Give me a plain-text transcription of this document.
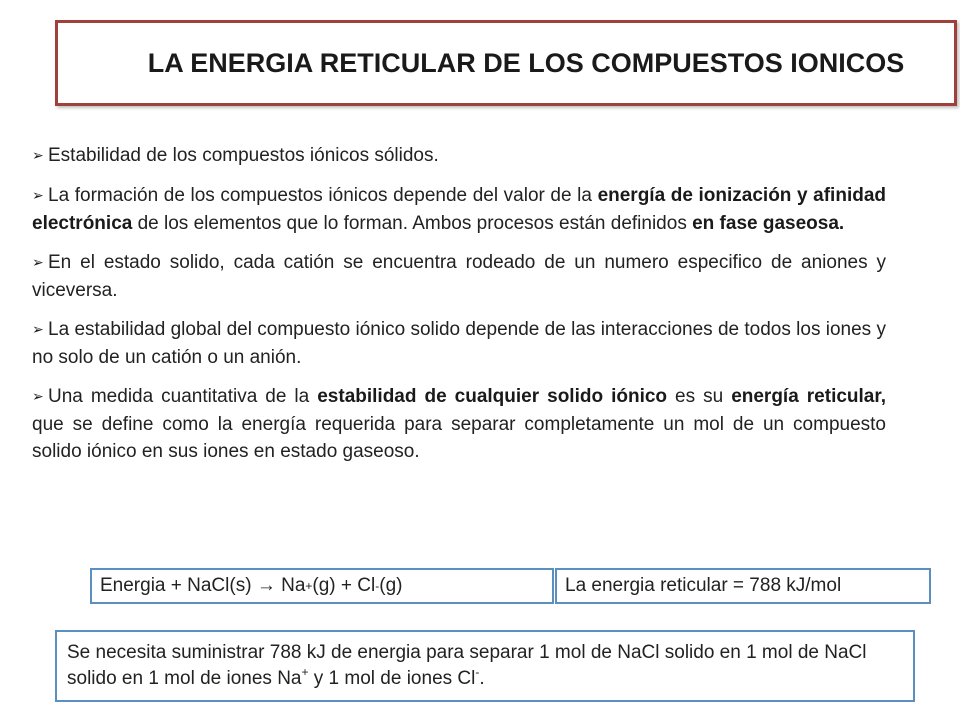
LA ENERGIA RETICULAR DE LOS COMPUESTOS IONICOS

➢ Estabilidad de los compuestos iónicos sólidos.

➢ La formación de los compuestos iónicos depende del valor de la energía de ionización y afinidad electrónica de los elementos que lo forman. Ambos procesos están definidos en fase gaseosa.

➢ En el estado solido, cada catión se encuentra rodeado de un numero especifico de aniones y viceversa.

➢ La estabilidad global del compuesto iónico solido depende de las interacciones de todos los iones y no solo de un catión o un anión.

➢ Una medida cuantitativa de la estabilidad de cualquier solido iónico es su energía reticular, que se define como la energía requerida para separar completamente un mol de un compuesto solido iónico en sus iones en estado gaseoso.

Energia + NaCl(s)
→
Na + (g) +
Cl - (g)	La energia reticular = 788 kJ/mol
Se necesita suministrar 788 kJ de energia para separar 1 mol de NaCl solido en 1 mol de NaCl solido en 1 mol de iones Na+ y 1 mol de iones Cl-.
